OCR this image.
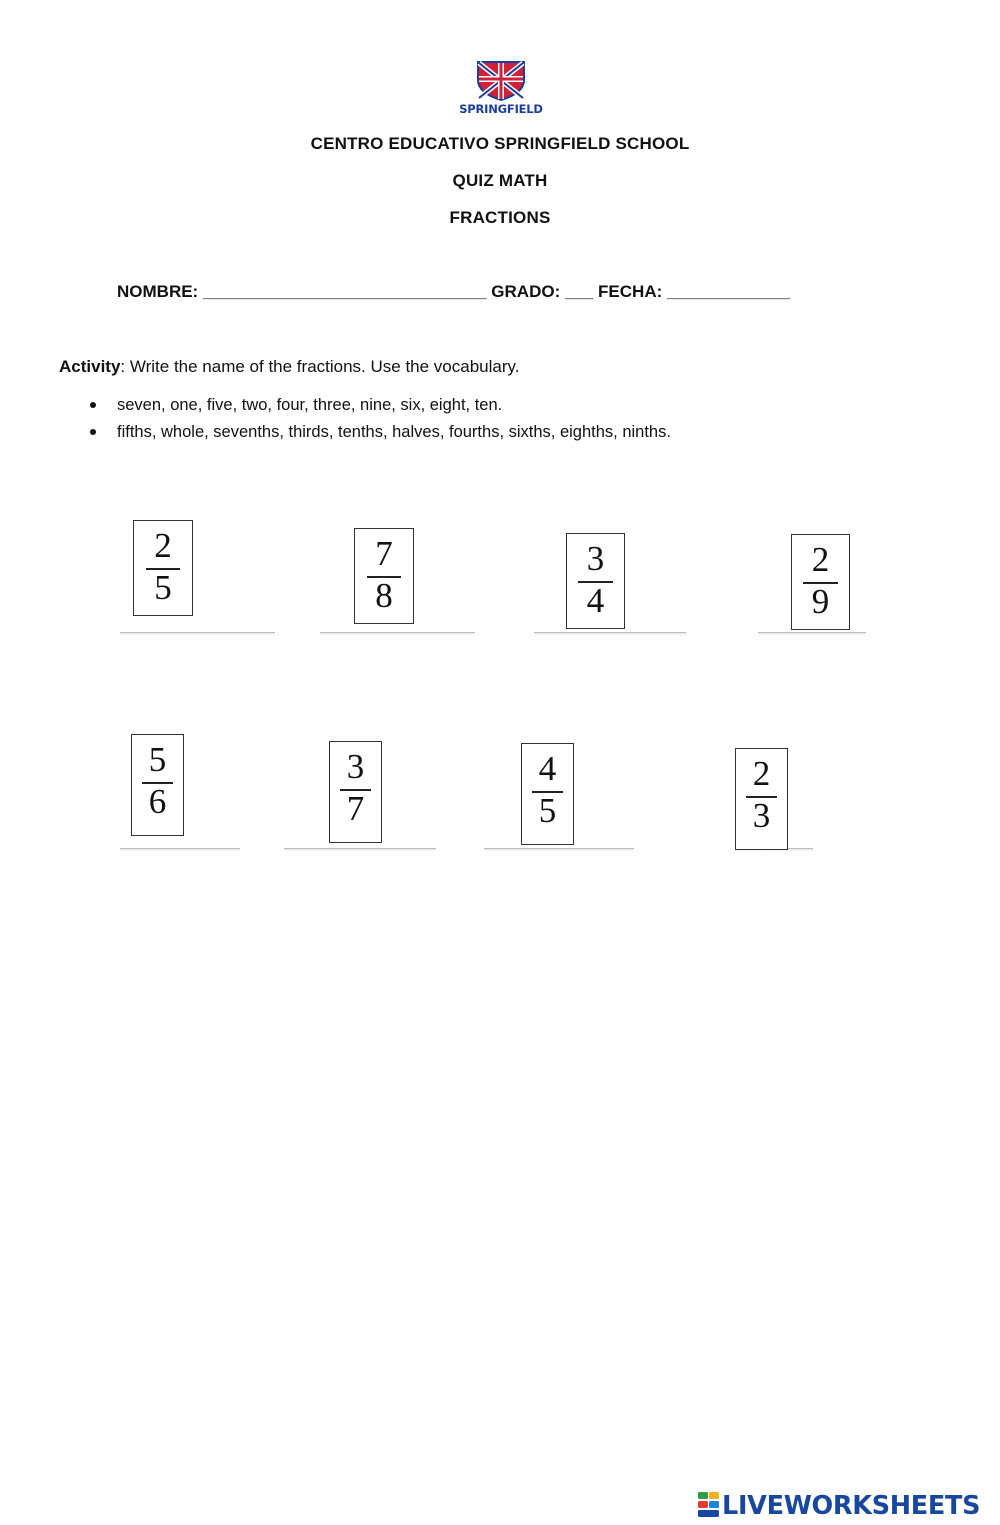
SPRINGFIELD
CENTRO EDUCATIVO SPRINGFIELD SCHOOL
QUIZ MATH
FRACTIONS
NOMBRE: ______________________________ GRADO: ___ FECHA: _____________
Activity: Write the name of the fractions. Use the vocabulary.
seven, one, five, two, four, three, nine, six, eight, ten.
fifths, whole, sevenths, thirds, tenths, halves, fourths, sixths, eighths, ninths.
2
5
7
8
3
4
2
9
5
6
3
7
4
5
2
3
LIVEWORKSHEETS
